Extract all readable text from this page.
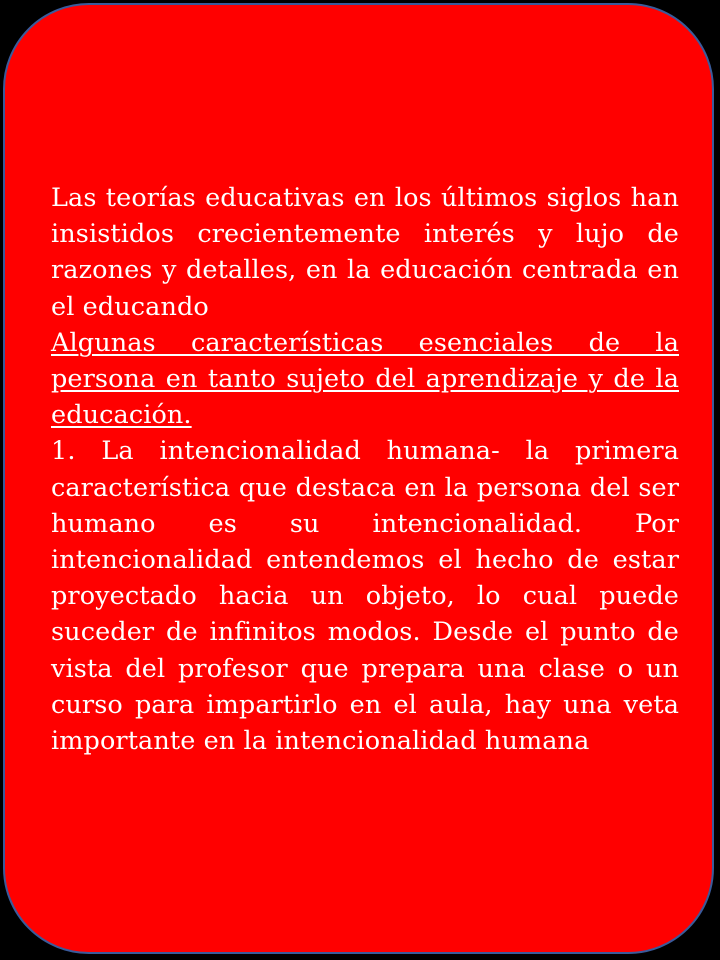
Las teorías educativas en los últimos siglos han insistidos crecientemente interés y lujo de razones y detalles, en la educación centrada en el educando

Algunas características esenciales de la persona en tanto sujeto del aprendizaje y de la educación.

1. La intencionalidad humana- la primera característica que destaca en la persona del ser humano es su intencionalidad. Por intencionalidad entendemos el hecho de estar proyectado hacia un objeto, lo cual puede suceder de infinitos modos. Desde el punto de vista del profesor que prepara una clase o un curso para impartirlo en el aula, hay una veta importante en la intencionalidad humana
